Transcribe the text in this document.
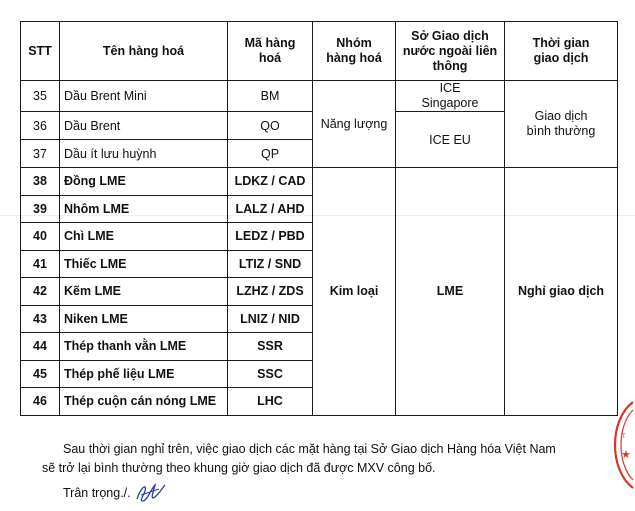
STT	Tên hàng hoá	Mã hàng hoá	Nhóm hàng hoá	Sở Giao dịch nước ngoài liên thông	Thời gian giao dịch
35	Dầu Brent Mini	BM	Năng lượng	ICE Singapore	Giao dịch bình thường
36	Dầu Brent	QO		ICE EU	
37	Dầu ít lưu huỳnh	QP			
38	Đồng LME	LDKZ / CAD	Kim loại	LME	Nghỉ giao dịch
39	Nhôm LME	LALZ / AHD			
40	Chì LME	LEDZ / PBD			
41	Thiếc LME	LTIZ / SND			
42	Kẽm LME	LZHZ / ZDS			
43	Niken LME	LNIZ / NID			
44	Thép thanh vằn LME	SSR			
45	Thép phế liệu LME	SSC			
46	Thép cuộn cán nóng LME	LHC			
Sau thời gian nghỉ trên, việc giao dịch các mặt hàng tại Sở Giao dịch Hàng hóa Việt Nam
sẽ trở lại bình thường theo khung giờ giao dịch đã được MXV công bố.
Trân trọng./.
★
T
